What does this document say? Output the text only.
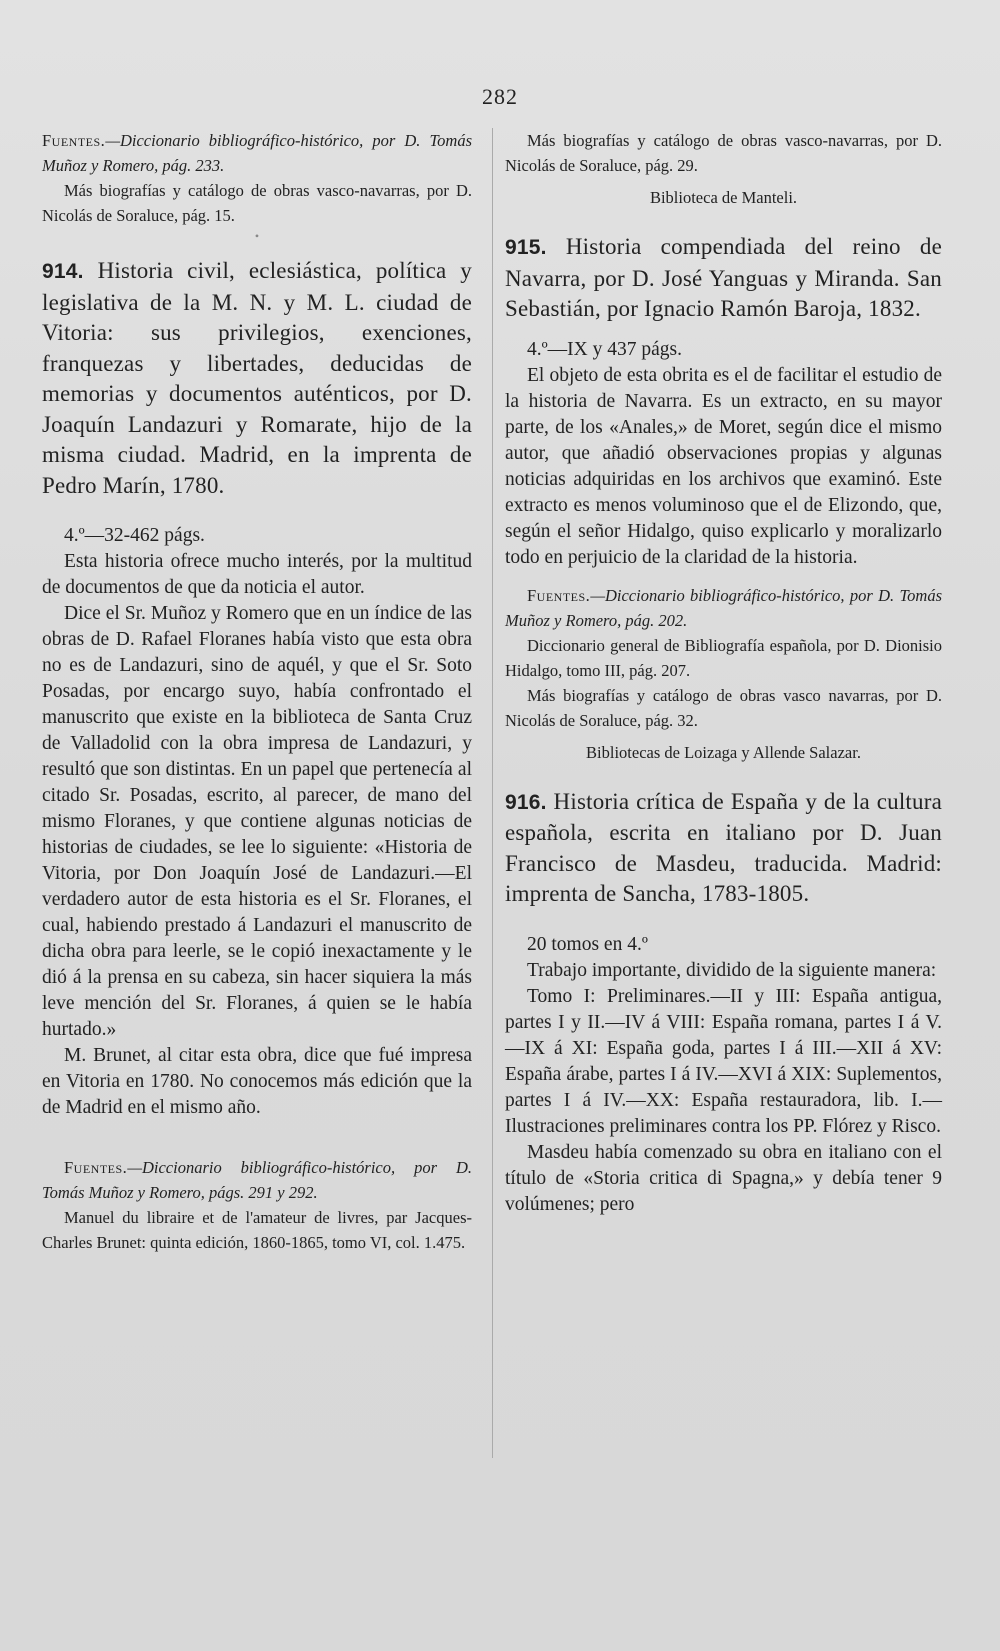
282

Fuentes.—Diccionario bibliográfico-histórico, por D. Tomás Muñoz y Romero, pág. 233.

Más biografías y catálogo de obras vasco-navarras, por D. Nicolás de Soraluce, pág. 15.

•

914. Historia civil, eclesiástica, política y legislativa de la M. N. y M. L. ciudad de Vitoria: sus privilegios, exenciones, franquezas y libertades, deducidas de memorias y documentos auténticos, por D. Joaquín Landazuri y Romarate, hijo de la misma ciudad. Madrid, en la imprenta de Pedro Marín, 1780.

4.º—32-462 págs.

Esta historia ofrece mucho interés, por la multitud de documentos de que da noticia el autor.

Dice el Sr. Muñoz y Romero que en un índice de las obras de D. Rafael Floranes había visto que esta obra no es de Landazuri, sino de aquél, y que el Sr. Soto Posadas, por encargo suyo, había confrontado el manuscrito que existe en la biblioteca de Santa Cruz de Valladolid con la obra impresa de Landazuri, y resultó que son distintas. En un papel que pertenecía al citado Sr. Posadas, escrito, al parecer, de mano del mismo Floranes, y que contiene algunas noticias de historias de ciudades, se lee lo siguiente: «Historia de Vitoria, por Don Joaquín José de Landazuri.—El verdadero autor de esta historia es el Sr. Floranes, el cual, habiendo prestado á Landazuri el manuscrito de dicha obra para leerle, se le copió inexactamente y le dió á la prensa en su cabeza, sin hacer siquiera la más leve mención del Sr. Floranes, á quien se le había hurtado.»

M. Brunet, al citar esta obra, dice que fué impresa en Vitoria en 1780. No conocemos más edición que la de Madrid en el mismo año.

Fuentes.—Diccionario bibliográfico-histórico, por D. Tomás Muñoz y Romero, págs. 291 y 292.

Manuel du libraire et de l'amateur de livres, par Jacques-Charles Brunet: quinta edición, 1860-1865, tomo VI, col. 1.475.

Más biografías y catálogo de obras vasco-navarras, por D. Nicolás de Soraluce, pág. 29.

Biblioteca de Manteli.

915. Historia compendiada del reino de Navarra, por D. José Yanguas y Miranda. San Sebastián, por Ignacio Ramón Baroja, 1832.

4.º—IX y 437 págs.

El objeto de esta obrita es el de facilitar el estudio de la historia de Navarra. Es un extracto, en su mayor parte, de los «Anales,» de Moret, según dice el mismo autor, que añadió observaciones propias y algunas noticias adquiridas en los archivos que examinó. Este extracto es menos voluminoso que el de Elizondo, que, según el señor Hidalgo, quiso explicarlo y moralizarlo todo en perjuicio de la claridad de la historia.

Fuentes.—Diccionario bibliográfico-histórico, por D. Tomás Muñoz y Romero, pág. 202.

Diccionario general de Bibliografía española, por D. Dionisio Hidalgo, tomo III, pág. 207.

Más biografías y catálogo de obras vasco navarras, por D. Nicolás de Soraluce, pág. 32.

Bibliotecas de Loizaga y Allende Salazar.

916. Historia crítica de España y de la cultura española, escrita en italiano por D. Juan Francisco de Masdeu, traducida. Madrid: imprenta de Sancha, 1783-1805.

20 tomos en 4.º

Trabajo importante, dividido de la siguiente manera:

Tomo I: Preliminares.—II y III: España antigua, partes I y II.—IV á VIII: España romana, partes I á V.—IX á XI: España goda, partes I á III.—XII á XV: España árabe, partes I á IV.—XVI á XIX: Suplementos, partes I á IV.—XX: España restauradora, lib. I.—Ilustraciones preliminares contra los PP. Flórez y Risco.

Masdeu había comenzado su obra en italiano con el título de «Storia critica di Spagna,» y debía tener 9 volúmenes; pero
